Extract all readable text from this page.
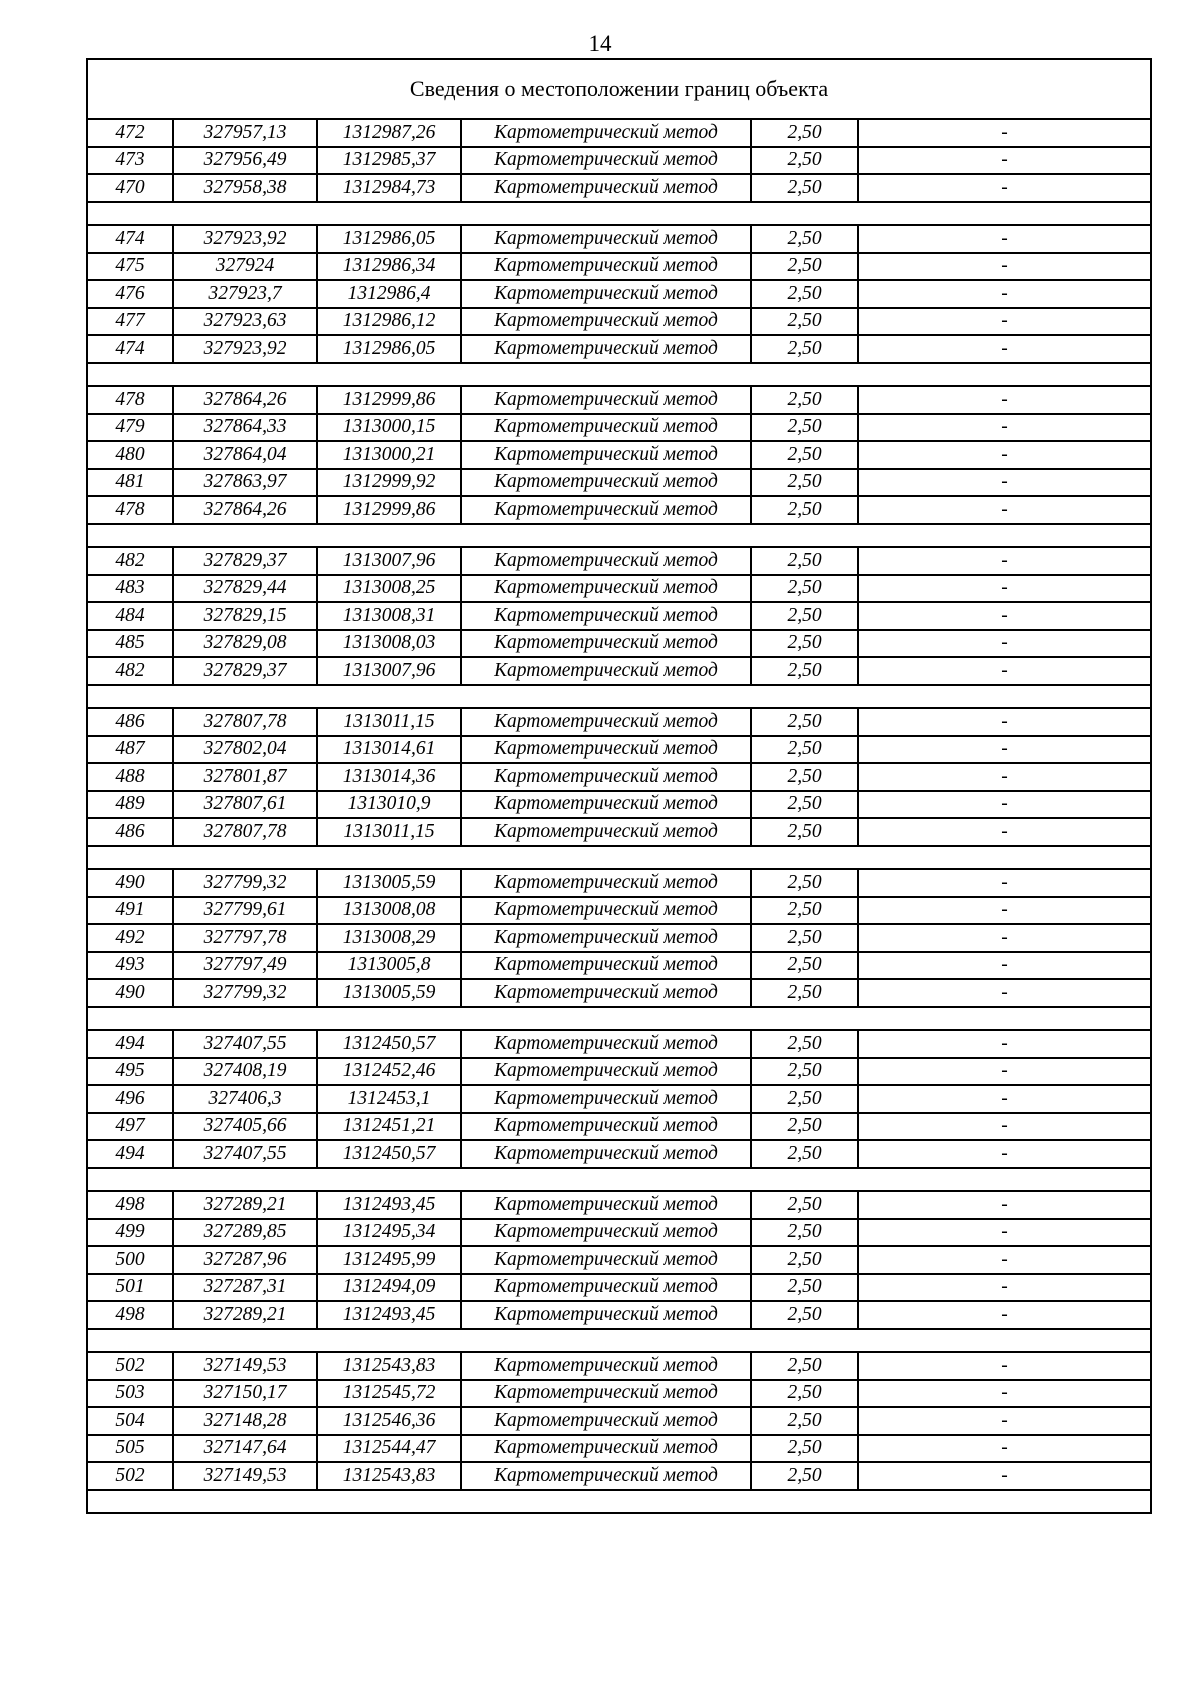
14
Сведения о местоположении границ объекта					
472	327957,13	1312987,26	Картометрический метод	2,50	-
473	327956,49	1312985,37	Картометрический метод	2,50	-
470	327958,38	1312984,73	Картометрический метод	2,50	-

474	327923,92	1312986,05	Картометрический метод	2,50	-
475	327924	1312986,34	Картометрический метод	2,50	-
476	327923,7	1312986,4	Картометрический метод	2,50	-
477	327923,63	1312986,12	Картометрический метод	2,50	-
474	327923,92	1312986,05	Картометрический метод	2,50	-

478	327864,26	1312999,86	Картометрический метод	2,50	-
479	327864,33	1313000,15	Картометрический метод	2,50	-
480	327864,04	1313000,21	Картометрический метод	2,50	-
481	327863,97	1312999,92	Картометрический метод	2,50	-
478	327864,26	1312999,86	Картометрический метод	2,50	-

482	327829,37	1313007,96	Картометрический метод	2,50	-
483	327829,44	1313008,25	Картометрический метод	2,50	-
484	327829,15	1313008,31	Картометрический метод	2,50	-
485	327829,08	1313008,03	Картометрический метод	2,50	-
482	327829,37	1313007,96	Картометрический метод	2,50	-

486	327807,78	1313011,15	Картометрический метод	2,50	-
487	327802,04	1313014,61	Картометрический метод	2,50	-
488	327801,87	1313014,36	Картометрический метод	2,50	-
489	327807,61	1313010,9	Картометрический метод	2,50	-
486	327807,78	1313011,15	Картометрический метод	2,50	-

490	327799,32	1313005,59	Картометрический метод	2,50	-
491	327799,61	1313008,08	Картометрический метод	2,50	-
492	327797,78	1313008,29	Картометрический метод	2,50	-
493	327797,49	1313005,8	Картометрический метод	2,50	-
490	327799,32	1313005,59	Картометрический метод	2,50	-

494	327407,55	1312450,57	Картометрический метод	2,50	-
495	327408,19	1312452,46	Картометрический метод	2,50	-
496	327406,3	1312453,1	Картометрический метод	2,50	-
497	327405,66	1312451,21	Картометрический метод	2,50	-
494	327407,55	1312450,57	Картометрический метод	2,50	-

498	327289,21	1312493,45	Картометрический метод	2,50	-
499	327289,85	1312495,34	Картометрический метод	2,50	-
500	327287,96	1312495,99	Картометрический метод	2,50	-
501	327287,31	1312494,09	Картометрический метод	2,50	-
498	327289,21	1312493,45	Картометрический метод	2,50	-

502	327149,53	1312543,83	Картометрический метод	2,50	-
503	327150,17	1312545,72	Картометрический метод	2,50	-
504	327148,28	1312546,36	Картометрический метод	2,50	-
505	327147,64	1312544,47	Картометрический метод	2,50	-
502	327149,53	1312543,83	Картометрический метод	2,50	-
